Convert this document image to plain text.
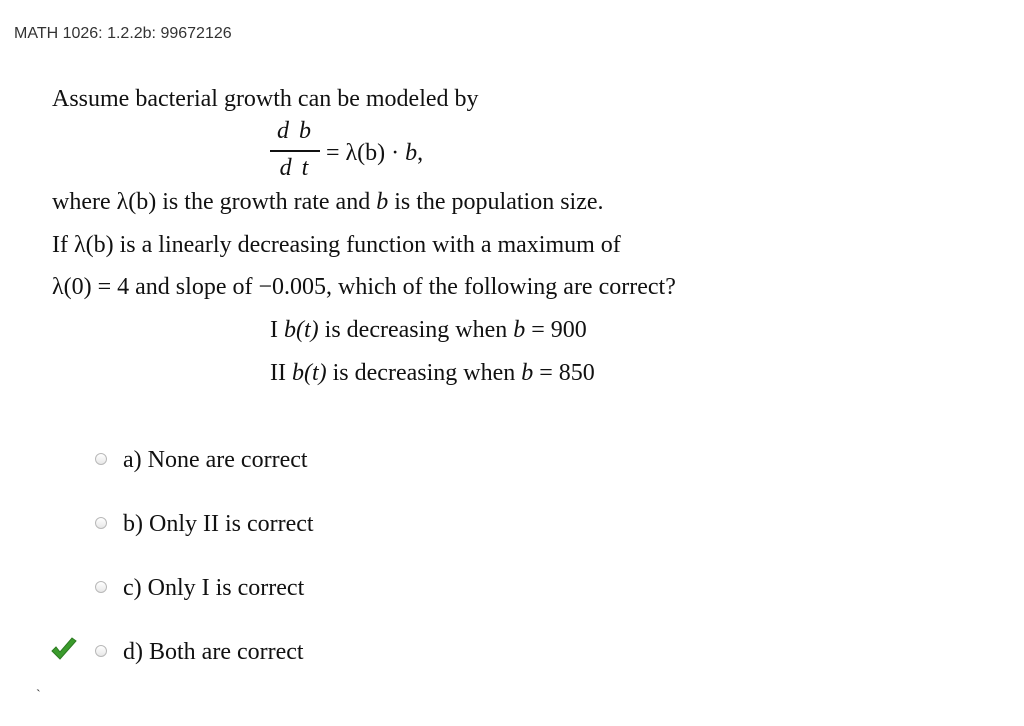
MATH 1026: 1.2.2b: 99672126
Assume bacterial growth can be modeled by
d b
d t
= λ(b) · b,
where λ(b) is the growth rate and b is the population size.
If λ(b) is a linearly decreasing function with a maximum of
λ(0) = 4 and slope of −0.005, which of the following are correct?
I b(t) is decreasing when b = 900
II b(t) is decreasing when b = 850
a) None are correct
b) Only II is correct
c) Only I is correct
d) Both are correct
`
